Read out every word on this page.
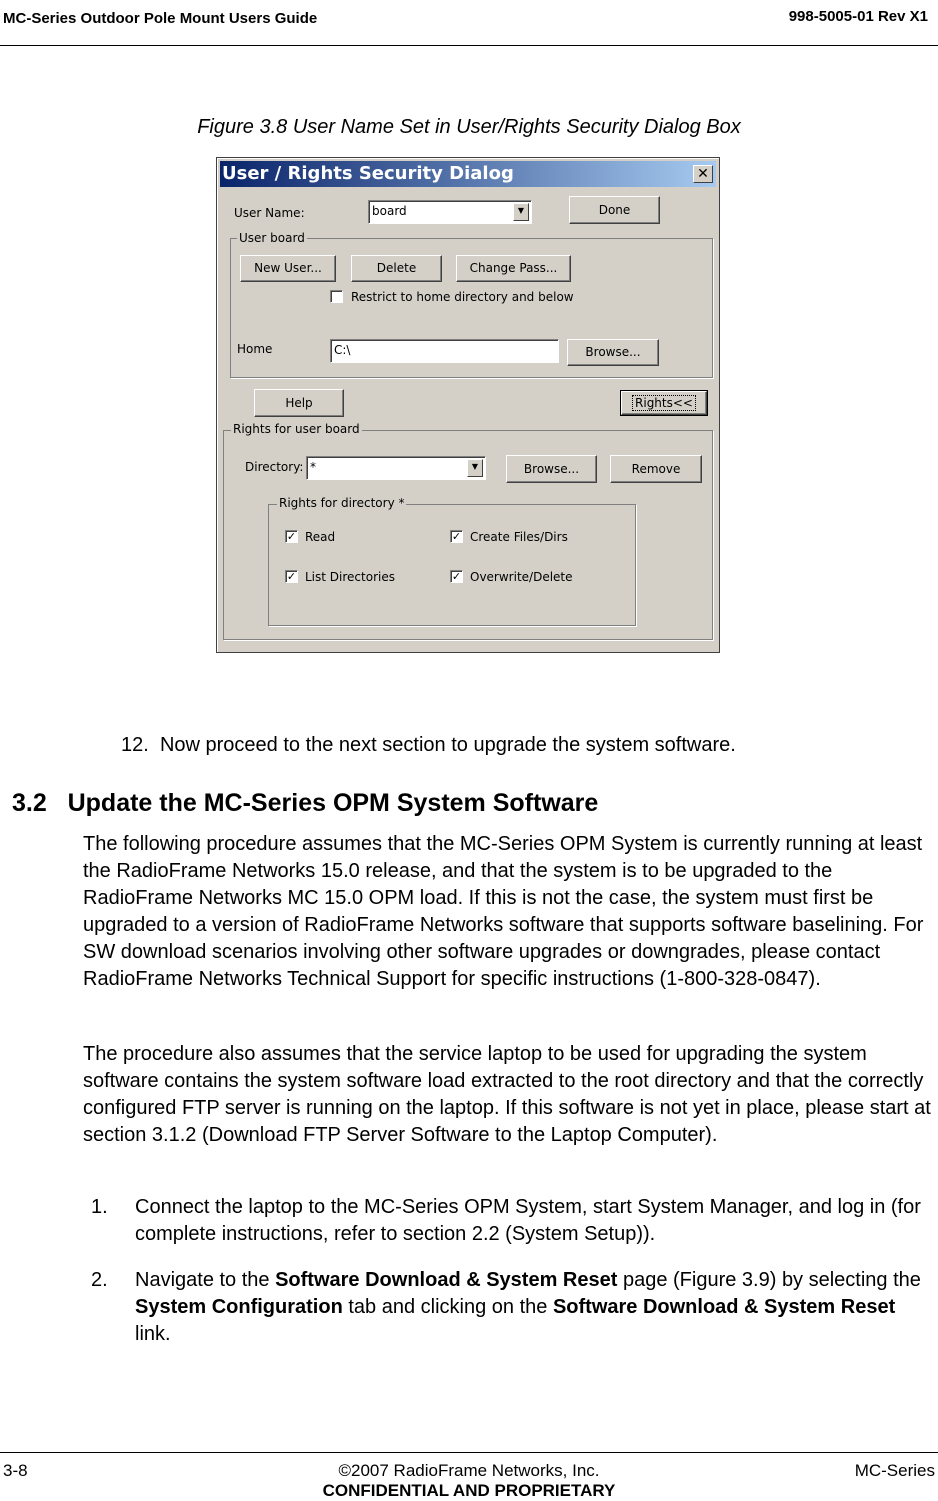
MC-Series Outdoor Pole Mount Users Guide	998-5005-01 Rev X1
Figure 3.8 User Name Set in User/Rights Security Dialog Box
User / Rights Security Dialog	✕
User Name:	board	▼	Done
User board
New User...	Delete	Change Pass...
Restrict to home directory and below
Home	C:\	Browse...
Help	Rights<<
Rights for user board
Directory: *	▼	Browse...	Remove
Rights for directory *
✓ Read	✓ Create Files/Dirs
✓ List Directories	✓ Overwrite/Delete
12. Now proceed to the next section to upgrade the system software.
3.2 Update the MC-Series OPM System Software
The following procedure assumes that the MC-Series OPM System is currently running at least the RadioFrame Networks 15.0 release, and that the system is to be upgraded to the RadioFrame Networks MC 15.0 OPM load. If this is not the case, the system must first be upgraded to a version of RadioFrame Networks software that supports software baselining. For SW download scenarios involving other software upgrades or downgrades, please contact RadioFrame Networks Technical Support for specific instructions (1-800-328-0847).
The procedure also assumes that the service laptop to be used for upgrading the system software contains the system software load extracted to the root directory and that the correctly configured FTP server is running on the laptop. If this software is not yet in place, please start at section 3.1.2 (Download FTP Server Software to the Laptop Computer).
1. Connect the laptop to the MC-Series OPM System, start System Manager, and log in (for complete instructions, refer to section 2.2 (System Setup)).
2. Navigate to the Software Download & System Reset page (Figure 3.9) by selecting the System Configuration tab and clicking on the Software Download & System Reset link.
3-8	©2007 RadioFrame Networks, Inc.
CONFIDENTIAL AND PROPRIETARY
MC-Series
